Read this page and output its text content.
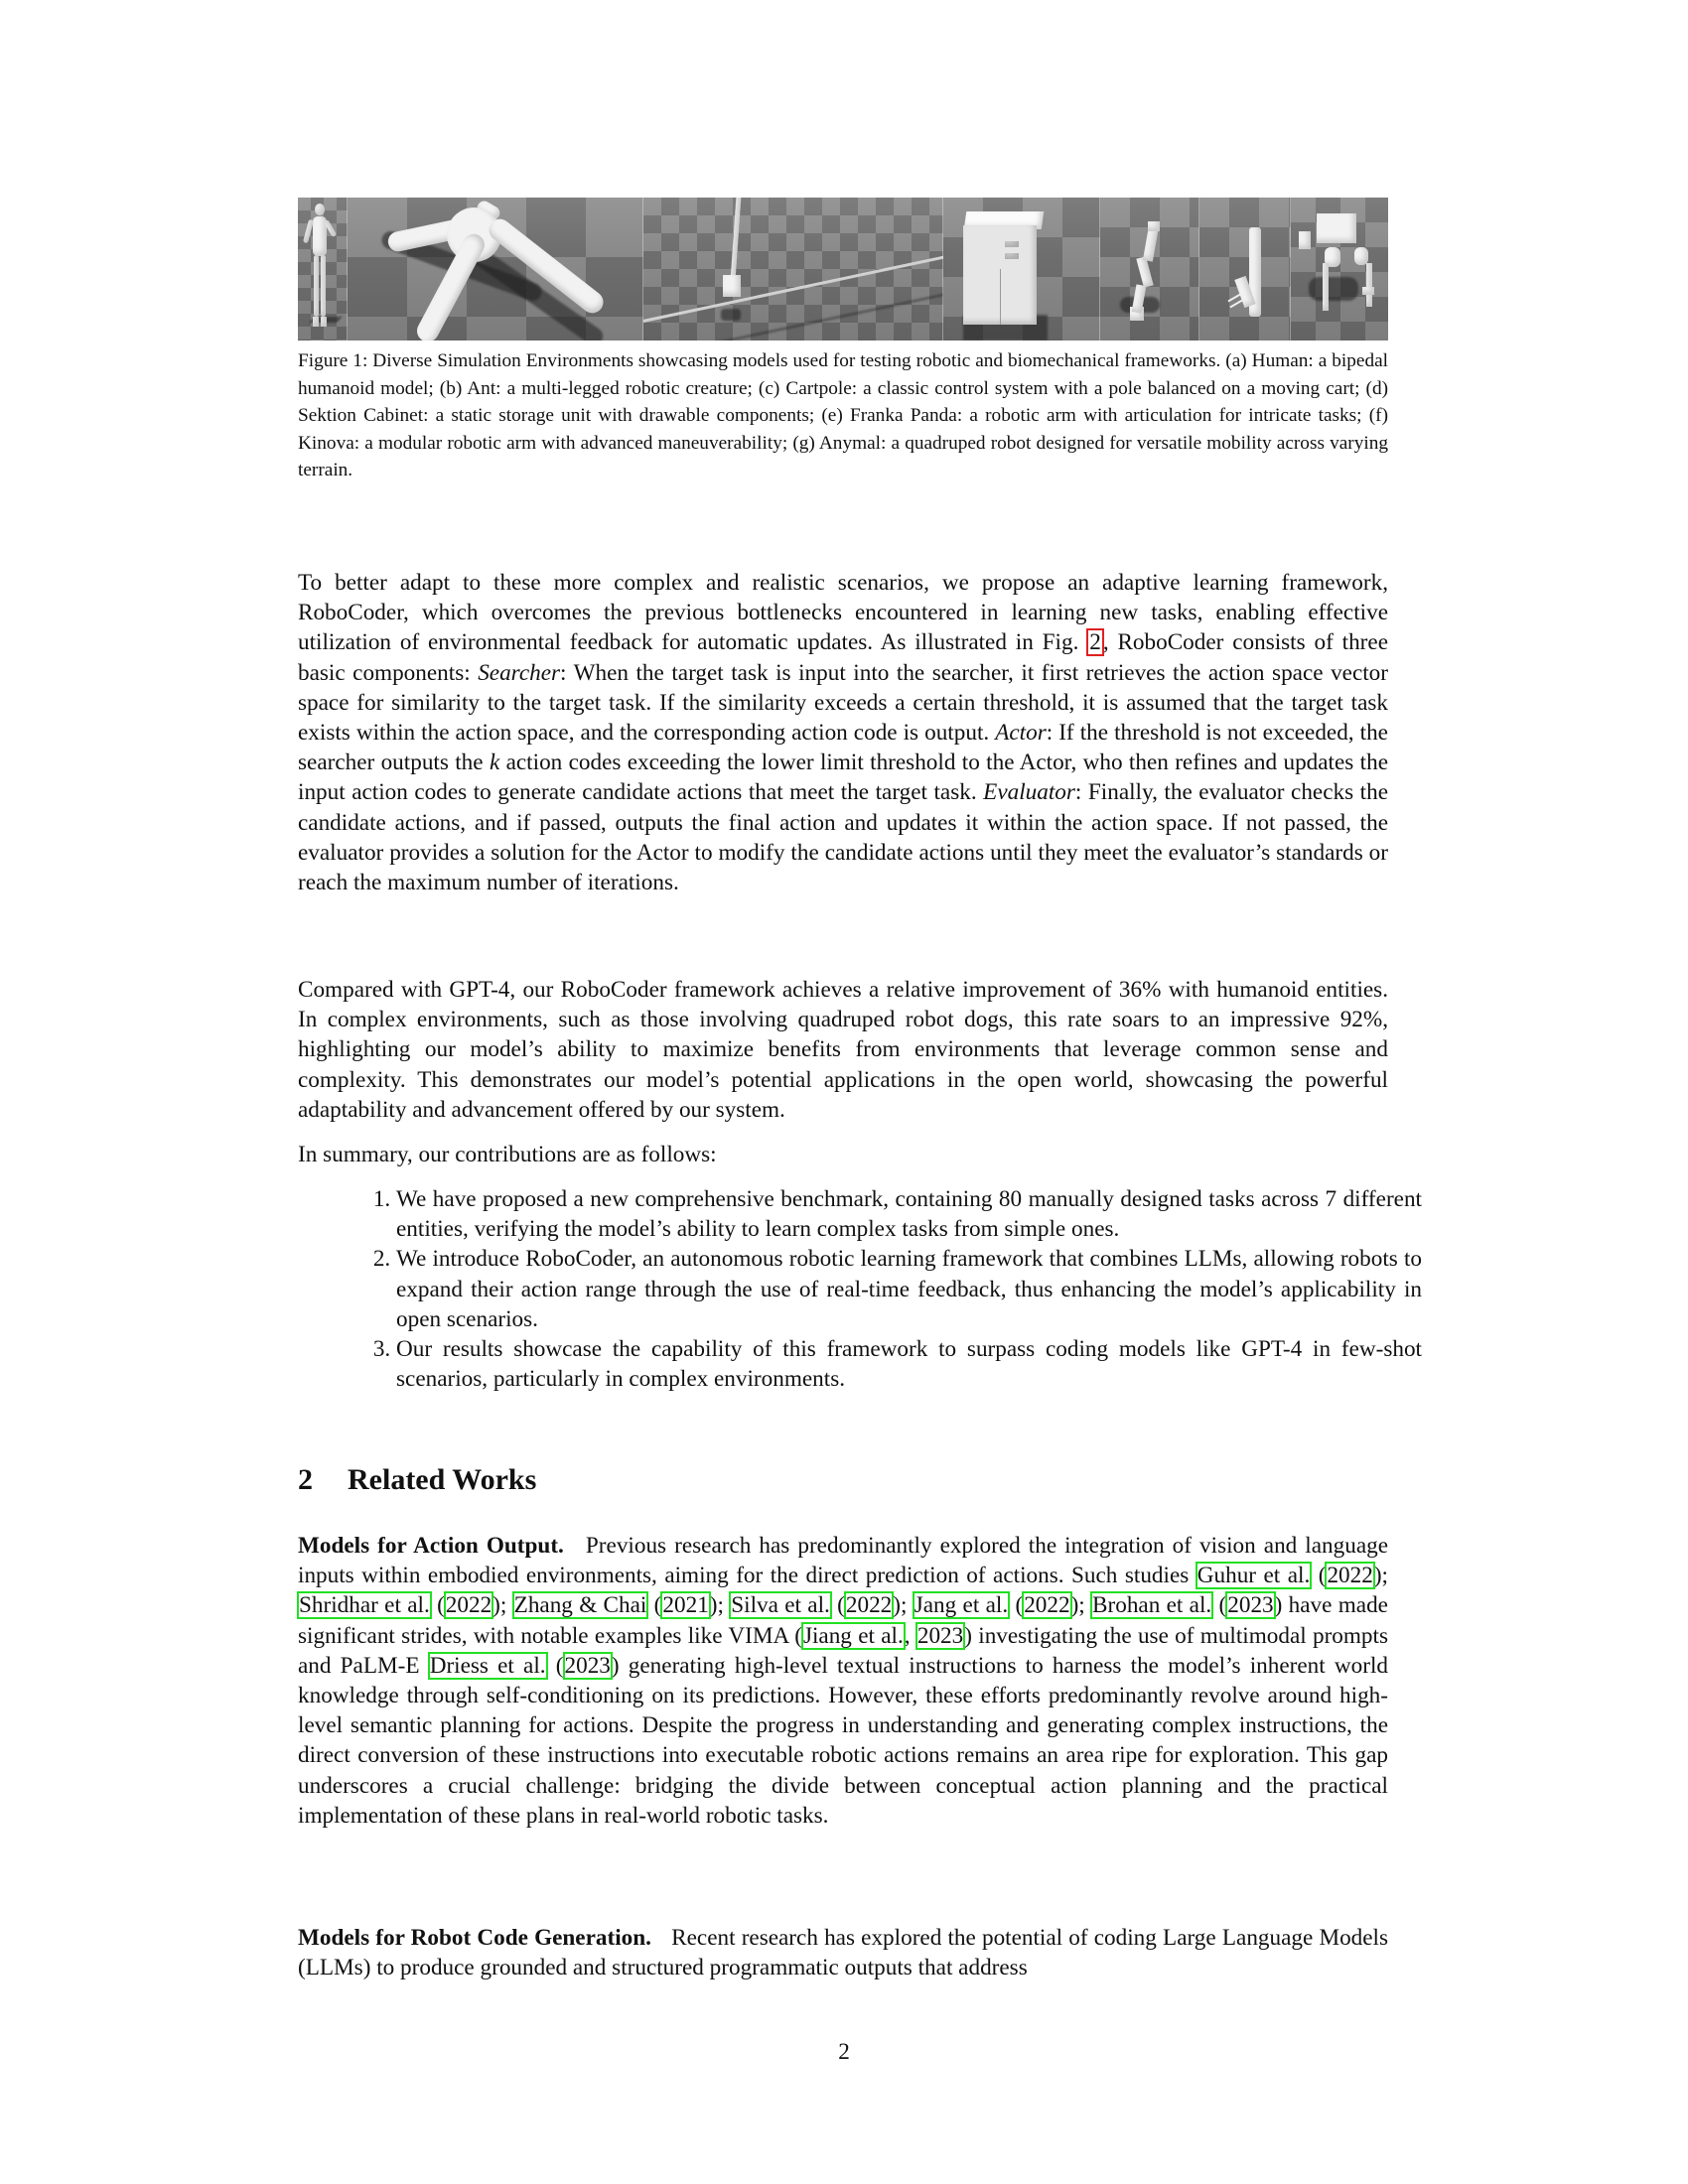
Figure 1: Diverse Simulation Environments showcasing models used for testing robotic and biomechanical frameworks. (a) Human: a bipedal humanoid model; (b) Ant: a multi-legged robotic creature; (c) Cartpole: a classic control system with a pole balanced on a moving cart; (d) Sektion Cabinet: a static storage unit with drawable components; (e) Franka Panda: a robotic arm with articulation for intricate tasks; (f) Kinova: a modular robotic arm with advanced maneuverability; (g) Anymal: a quadruped robot designed for versatile mobility across varying terrain.
To better adapt to these more complex and realistic scenarios, we propose an adaptive learning framework, RoboCoder, which overcomes the previous bottlenecks encountered in learning new tasks, enabling effective utilization of environmental feedback for automatic updates. As illustrated in Fig. 2, RoboCoder consists of three basic components: Searcher: When the target task is input into the searcher, it first retrieves the action space vector space for similarity to the target task. If the similarity exceeds a certain threshold, it is assumed that the target task exists within the action space, and the corresponding action code is output. Actor: If the threshold is not exceeded, the searcher outputs the k action codes exceeding the lower limit threshold to the Actor, who then refines and updates the input action codes to generate candidate actions that meet the target task. Evaluator: Finally, the evaluator checks the candidate actions, and if passed, outputs the final action and updates it within the action space. If not passed, the evaluator provides a solution for the Actor to modify the candidate actions until they meet the evaluator’s standards or reach the maximum number of iterations.
Compared with GPT-4, our RoboCoder framework achieves a relative improvement of 36% with humanoid entities. In complex environments, such as those involving quadruped robot dogs, this rate soars to an impressive 92%, highlighting our model’s ability to maximize benefits from environments that leverage common sense and complexity. This demonstrates our model’s potential applications in the open world, showcasing the powerful adaptability and advancement offered by our system.
In summary, our contributions are as follows:
1. We have proposed a new comprehensive benchmark, containing 80 manually designed tasks across 7 different entities, verifying the model’s ability to learn complex tasks from simple ones.
2. We introduce RoboCoder, an autonomous robotic learning framework that combines LLMs, allowing robots to expand their action range through the use of real-time feedback, thus enhancing the model’s applicability in open scenarios.
3. Our results showcase the capability of this framework to surpass coding models like GPT-4 in few-shot scenarios, particularly in complex environments.
2 Related Works
Models for Action Output. Previous research has predominantly explored the integration of vision and language inputs within embodied environments, aiming for the direct prediction of actions. Such studies Guhur et al. (2022); Shridhar et al. (2022); Zhang & Chai (2021); Silva et al. (2022); Jang et al. (2022); Brohan et al. (2023) have made significant strides, with notable examples like VIMA (Jiang et al., 2023) investigating the use of multimodal prompts and PaLM-E Driess et al. (2023) generating high-level textual instructions to harness the model’s inherent world knowledge through self-conditioning on its predictions. However, these efforts predominantly revolve around high-level semantic planning for actions. Despite the progress in understanding and generating complex instructions, the direct conversion of these instructions into executable robotic actions remains an area ripe for exploration. This gap underscores a crucial challenge: bridging the divide between conceptual action planning and the practical implementation of these plans in real-world robotic tasks.
Models for Robot Code Generation. Recent research has explored the potential of coding Large Language Models (LLMs) to produce grounded and structured programmatic outputs that address
2
